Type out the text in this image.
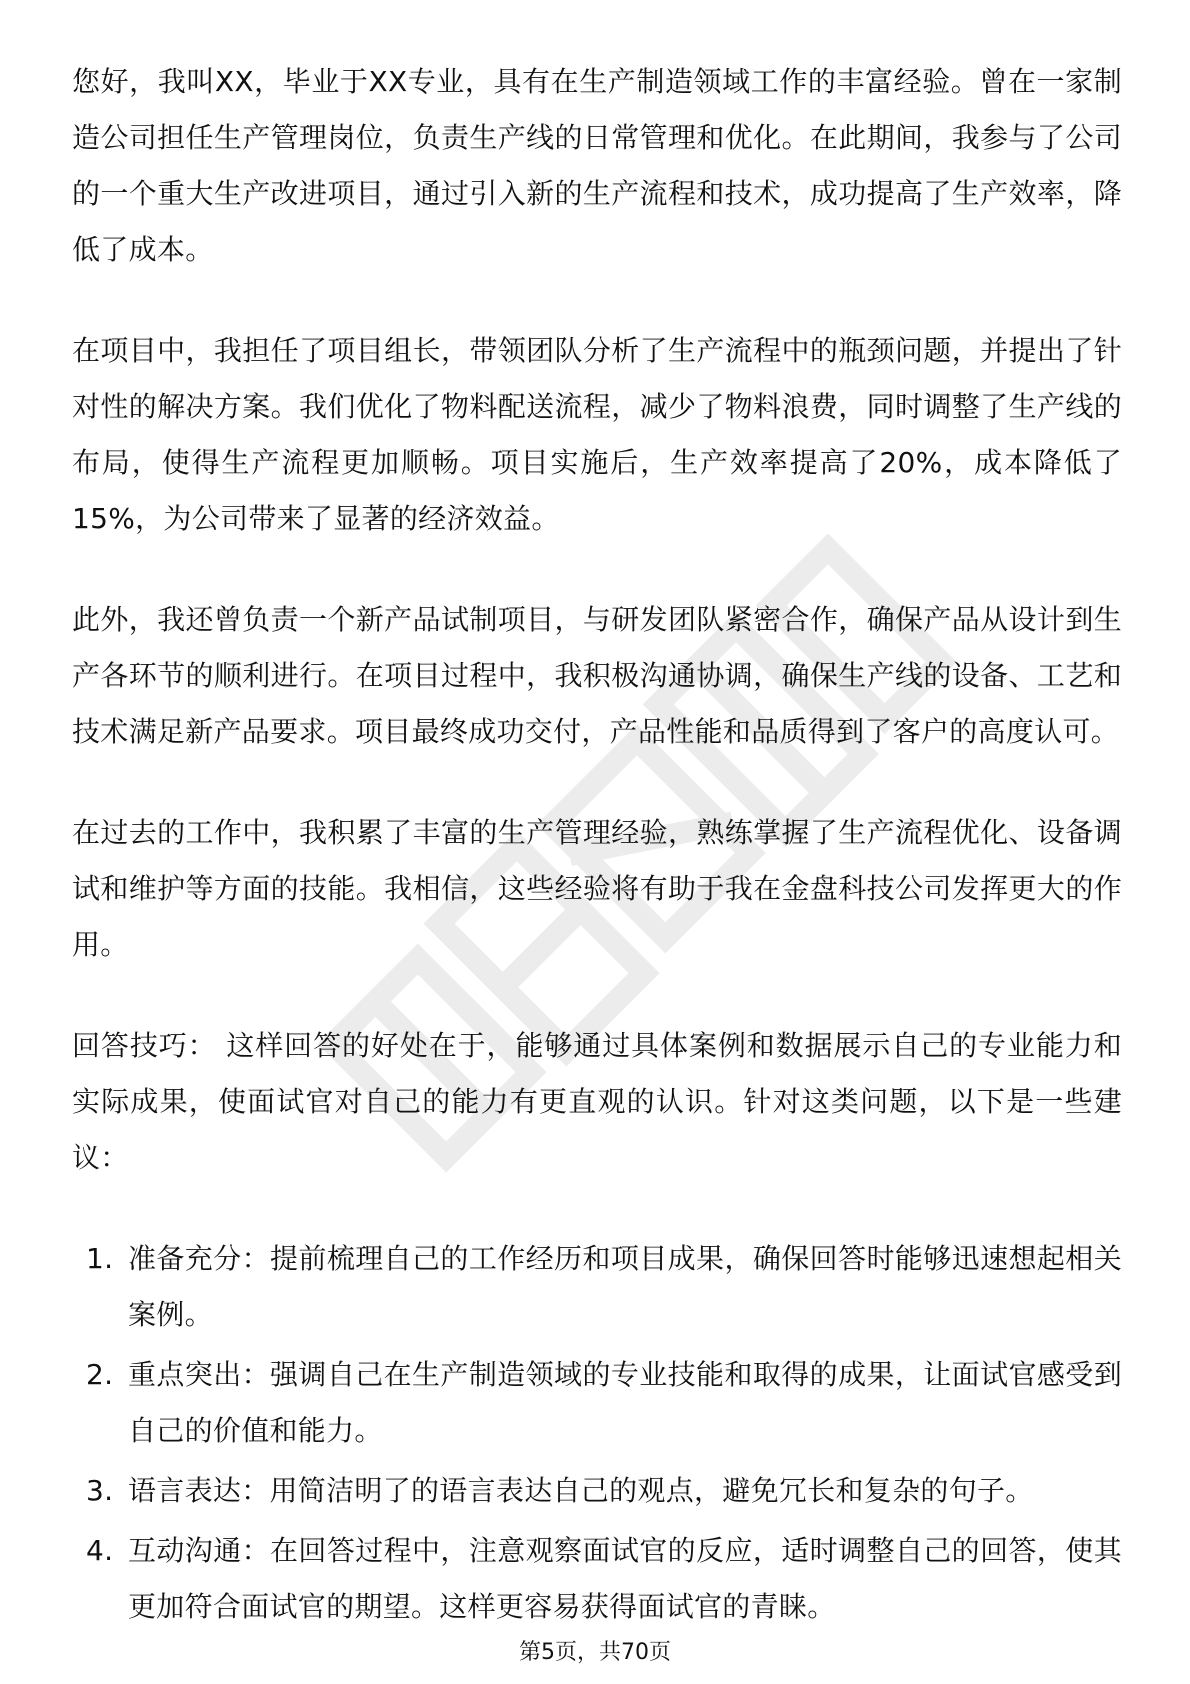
您好，我叫XX，毕业于XX专业，具有在生产制造领域工作的丰富经验。曾在一家制造公司担任生产管理岗位，负责生产线的日常管理和优化。在此期间，我参与了公司的一个重大生产改进项目，通过引入新的生产流程和技术，成功提高了生产效率，降低了成本。

在项目中，我担任了项目组长，带领团队分析了生产流程中的瓶颈问题，并提出了针对性的解决方案。我们优化了物料配送流程，减少了物料浪费，同时调整了生产线的布局，使得生产流程更加顺畅。项目实施后，生产效率提高了20%，成本降低了15%，为公司带来了显著的经济效益。

此外，我还曾负责一个新产品试制项目，与研发团队紧密合作，确保产品从设计到生产各环节的顺利进行。在项目过程中，我积极沟通协调，确保生产线的设备、工艺和技术满足新产品要求。项目最终成功交付，产品性能和品质得到了客户的高度认可。

在过去的工作中，我积累了丰富的生产管理经验，熟练掌握了生产流程优化、设备调试和维护等方面的技能。我相信，这些经验将有助于我在金盘科技公司发挥更大的作用。

回答技巧： 这样回答的好处在于，能够通过具体案例和数据展示自己的专业能力和实际成果，使面试官对自己的能力有更直观的认识。针对这类问题，以下是一些建议：

1. 准备充分：提前梳理自己的工作经历和项目成果，确保回答时能够迅速想起相关案例。
2. 重点突出：强调自己在生产制造领域的专业技能和取得的成果，让面试官感受到自己的价值和能力。
3. 语言表达：用简洁明了的语言表达自己的观点，避免冗长和复杂的句子。
4. 互动沟通：在回答过程中，注意观察面试官的反应，适时调整自己的回答，使其更加符合面试官的期望。这样更容易获得面试官的青睐。
第5页，共70页
